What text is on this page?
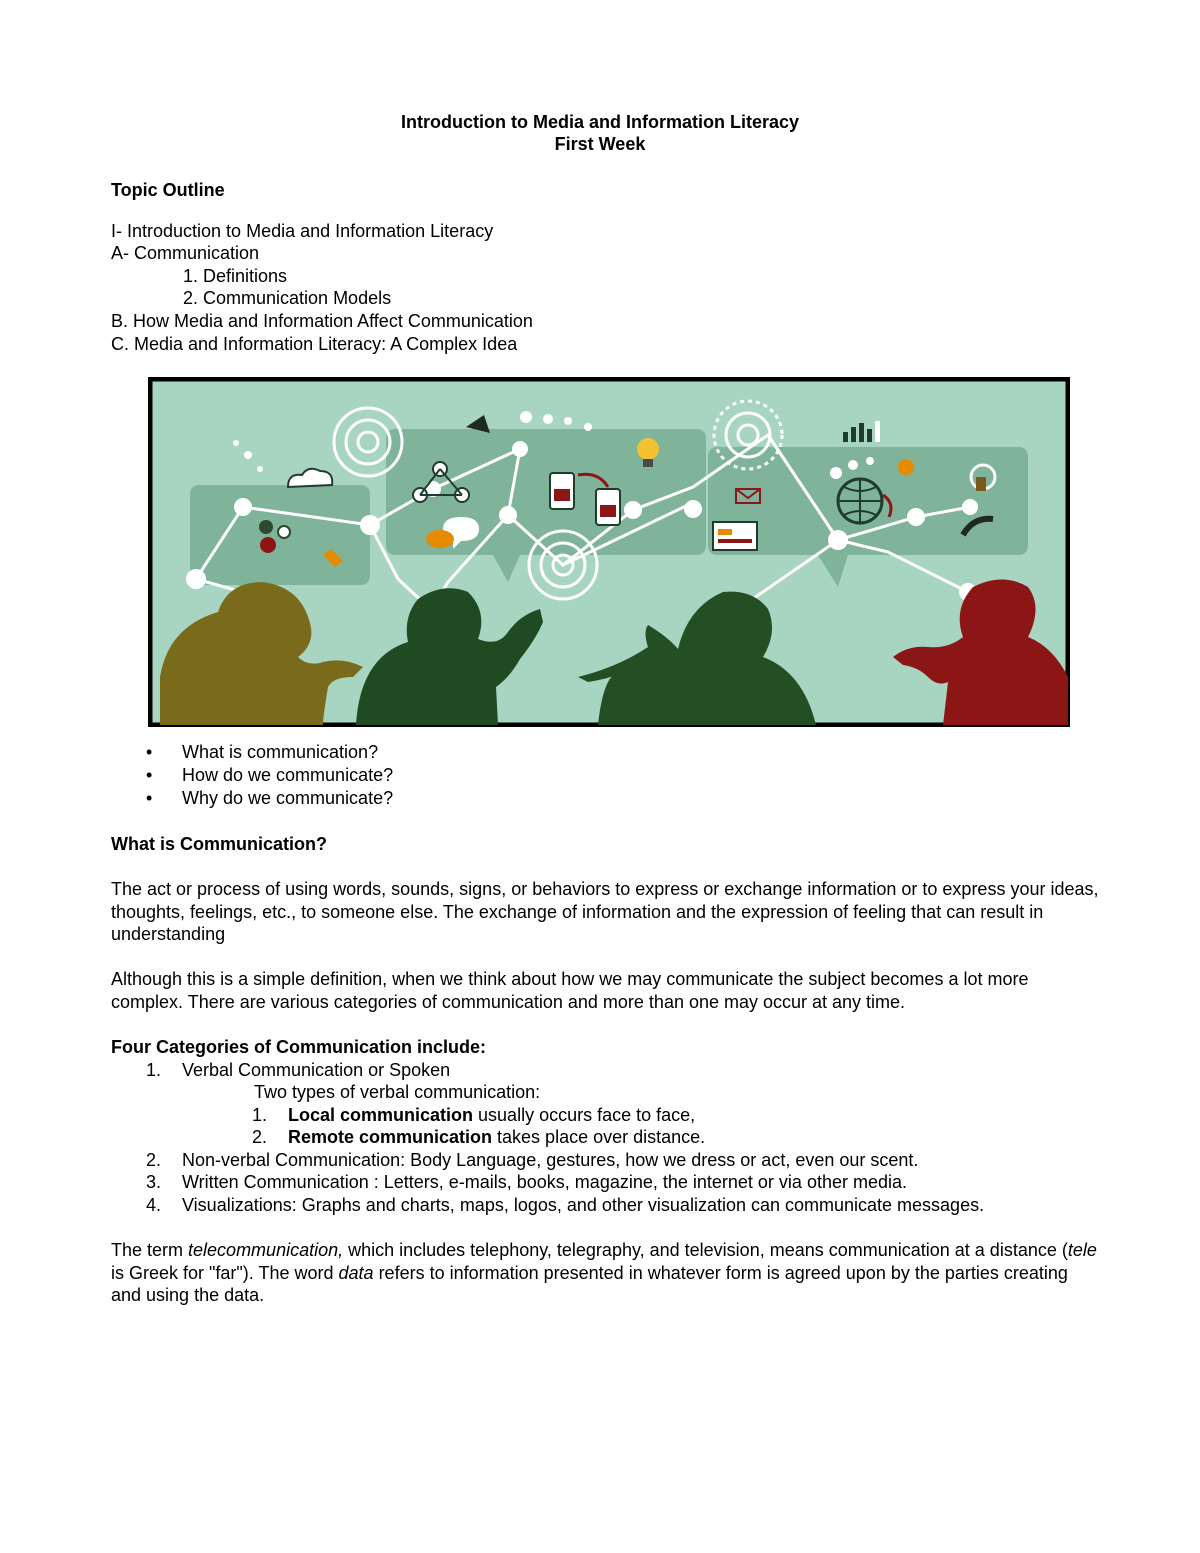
Introduction to Media and Information Literacy
First Week
Topic Outline
I- Introduction to Media and Information Literacy
A- Communication
1. Definitions
2. Communication Models
B. How Media and Information Affect Communication
C. Media and Information Literacy: A Complex Idea
• What is communication?
• How do we communicate?
• Why do we communicate?
What is Communication?
The act or process of using words, sounds, signs, or behaviors to express or exchange information or to express your ideas, thoughts, feelings, etc., to someone else. The exchange of information and the expression of feeling that can result in understanding
Although this is a simple definition, when we think about how we may communicate the subject becomes a lot more complex. There are various categories of communication and more than one may occur at any time.
Four Categories of Communication include:
1. Verbal Communication or Spoken
Two types of verbal communication:
1. Local communication usually occurs face to face,
2. Remote communication takes place over distance.
2. Non-verbal Communication: Body Language, gestures, how we dress or act, even our scent.
3. Written Communication : Letters, e-mails, books, magazine, the internet or via other media.
4. Visualizations: Graphs and charts, maps, logos, and other visualization can communicate messages.
The term telecommunication, which includes telephony, telegraphy, and television, means communication at a distance (tele is Greek for "far"). The word data refers to information presented in whatever form is agreed upon by the parties creating and using the data.
